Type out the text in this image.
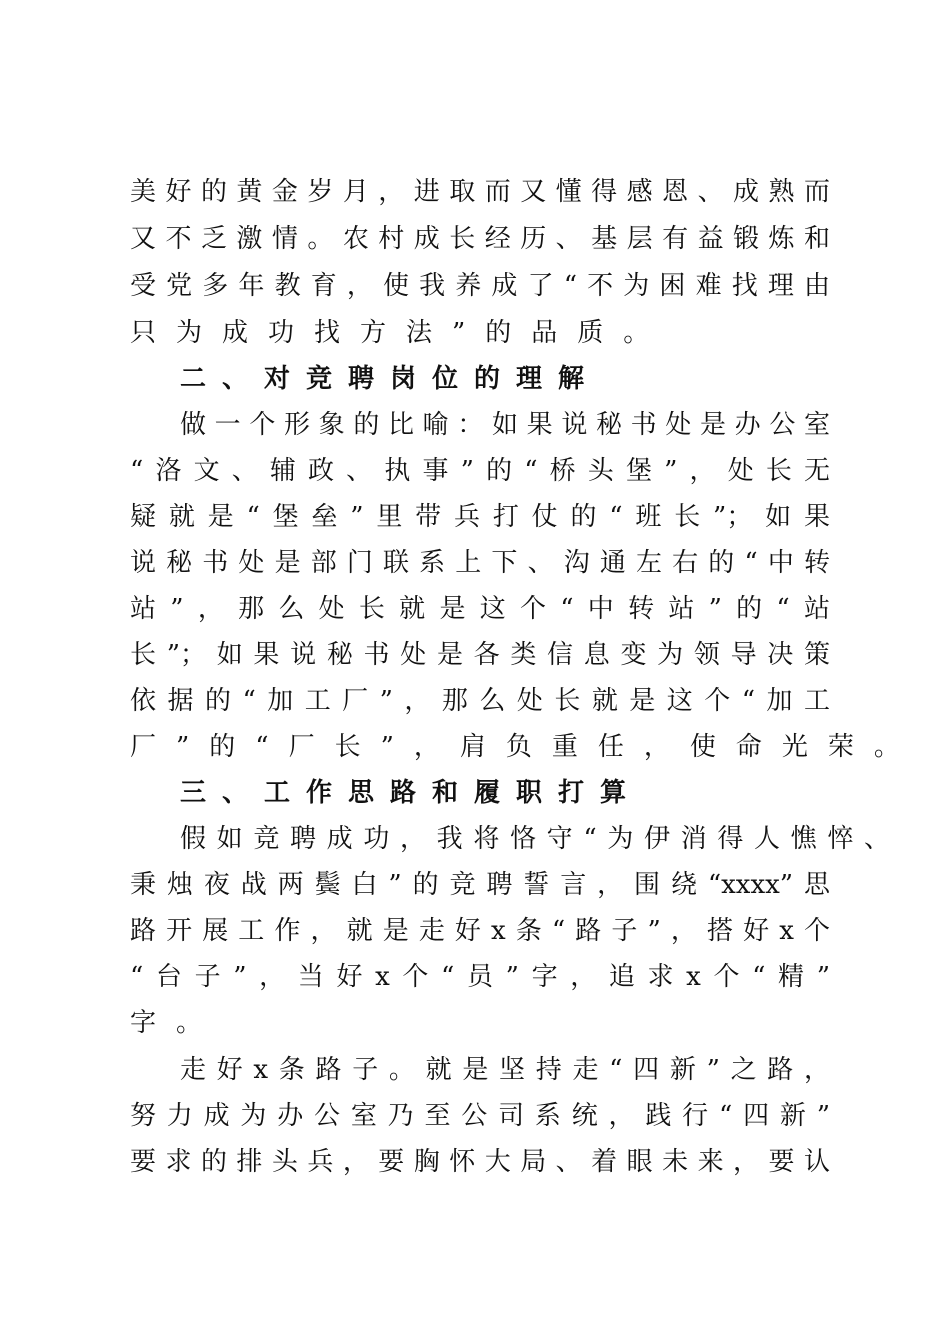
美好的黄金岁月，进取而又懂得感恩、成熟而
又不乏激情。农村成长经历、基层有益锻炼和
受党多年教育，使我养成了“不为困难找理由
只为成功找方法”的品质。
二、对竞聘岗位的理解
做一个形象的比喻：如果说秘书处是办公室
“洛文、辅政、执事”的“桥头堡”，处长无
疑就是“堡垒”里带兵打仗的“班长”；如果
说秘书处是部门联系上下、沟通左右的“中转
站”，那么处长就是这个“中转站”的“站
长”；如果说秘书处是各类信息变为领导决策
依据的“加工厂”，那么处长就是这个“加工
厂”的“厂长”，肩负重任，使命光荣。
三、工作思路和履职打算
假如竞聘成功，我将恪守“为伊消得人憔悴、
秉烛夜战两鬓白”的竞聘誓言，围绕“xxxx”思
路开展工作，就是走好x条“路子”，搭好x个
“台子”，当好x个“员”字，追求x个“精”
字。
走好x条路子。就是坚持走“四新”之路，
努力成为办公室乃至公司系统，践行“四新”
要求的排头兵，要胸怀大局、着眼未来，要认
